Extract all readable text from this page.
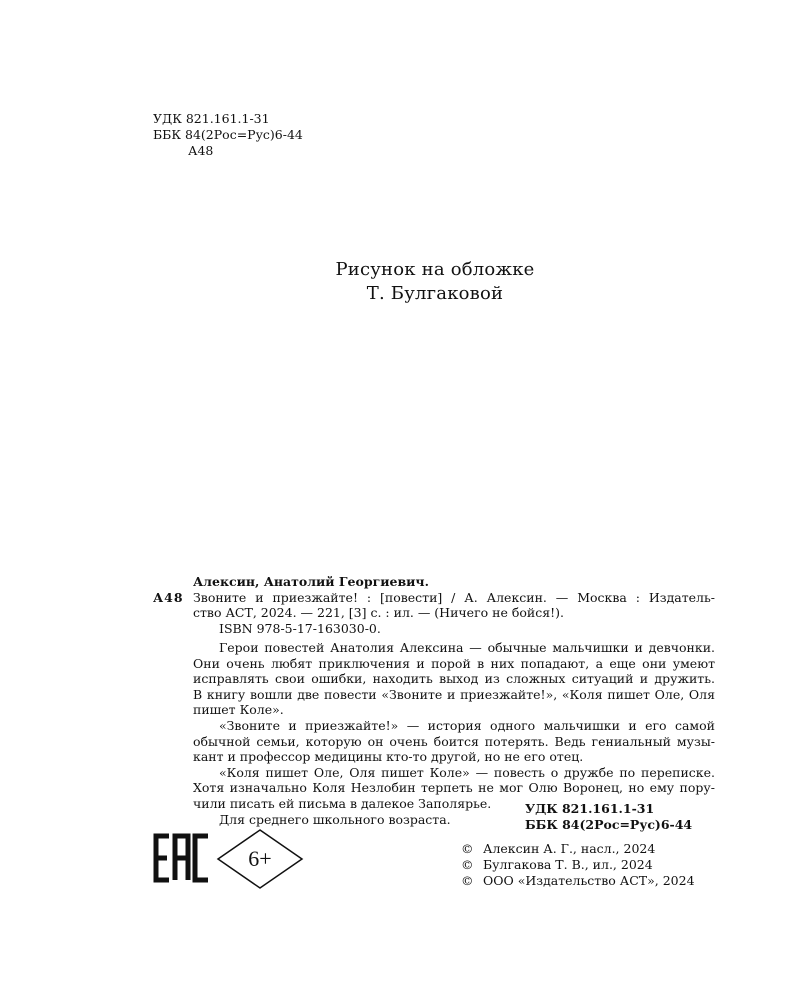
УДК 821.161.1-31
ББК 84(2Рос=Рус)6-44
А48
Рисунок на обложке
Т. Булгаковой
А48
Алексин, Анатолий Георгиевич.
Звоните и приезжайте! : [повести] / А. Алексин. — Москва : Издатель-
ство АСТ, 2024. — 221, [3] с. : ил. — (Ничего не бойся!).
ISBN 978-5-17-163030-0.
Герои повестей Анатолия Алексина — обычные мальчишки и девчонки.
Они очень любят приключения и порой в них попадают, а еще они умеют
исправлять свои ошибки, находить выход из сложных ситуаций и дружить.
В книгу вошли две повести «Звоните и приезжайте!», «Коля пишет Оле, Оля
пишет Коле».
«Звоните и приезжайте!» — история одного мальчишки и его самой
обычной семьи, которую он очень боится потерять. Ведь гениальный музы-
кант и профессор медицины кто-то другой, но не его отец.
«Коля пишет Оле, Оля пишет Коле» — повесть о дружбе по переписке.
Хотя изначально Коля Незлобин терпеть не мог Олю Воронец, но ему пору-
чили писать ей письма в далекое Заполярье.
Для среднего школьного возраста.
УДК 821.161.1-31
ББК 84(2Рос=Рус)6-44
6+	© Алексин А. Г., насл., 2024
© Булгакова Т. В., ил., 2024
© ООО «Издательство АСТ», 2024
